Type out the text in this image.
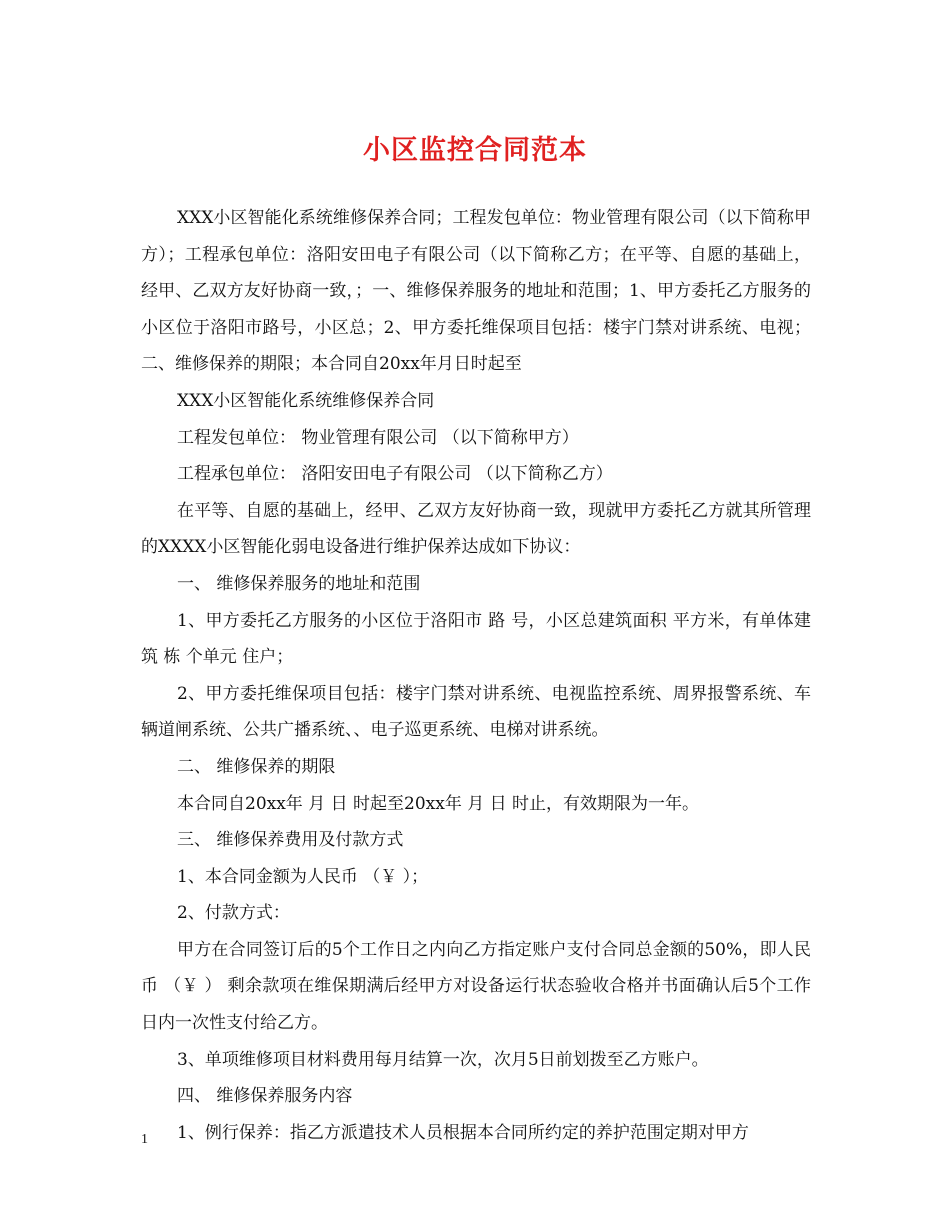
小区监控合同范本

XXX小区智能化系统维修保养合同；工程发包单位：物业管理有限公司（以下简称甲方）；工程承包单位：洛阳安田电子有限公司（以下简称乙方；在平等、自愿的基础上，经甲、乙双方友好协商一致，；一、维修保养服务的地址和范围；1、甲方委托乙方服务的小区位于洛阳市路号，小区总；2、甲方委托维保项目包括：楼宇门禁对讲系统、电视；二、维修保养的期限；本合同自20xx年月日时起至

XXX小区智能化系统维修保养合同

工程发包单位： 物业管理有限公司 （以下简称甲方）

工程承包单位： 洛阳安田电子有限公司 （以下简称乙方）

在平等、自愿的基础上，经甲、乙双方友好协商一致，现就甲方委托乙方就其所管理的XXXX小区智能化弱电设备进行维护保养达成如下协议：

一、 维修保养服务的地址和范围

1、甲方委托乙方服务的小区位于洛阳市 路 号，小区总建筑面积 平方米，有单体建筑 栋 个单元 住户；

2、甲方委托维保项目包括：楼宇门禁对讲系统、电视监控系统、周界报警系统、车辆道闸系统、公共广播系统、、电子巡更系统、电梯对讲系统。

二、 维修保养的期限

本合同自20xx年 月 日 时起至20xx年 月 日 时止，有效期限为一年。

三、 维修保养费用及付款方式

1、本合同金额为人民币 （￥ ）；

2、付款方式：

甲方在合同签订后的5个工作日之内向乙方指定账户支付合同总金额的50%，即人民币 （￥ ） 剩余款项在维保期满后经甲方对设备运行状态验收合格并书面确认后5个工作日内一次性支付给乙方。

3、单项维修项目材料费用每月结算一次，次月5日前划拨至乙方账户。

四、 维修保养服务内容

1、例行保养：指乙方派遣技术人员根据本合同所约定的养护范围定期对甲方

1
